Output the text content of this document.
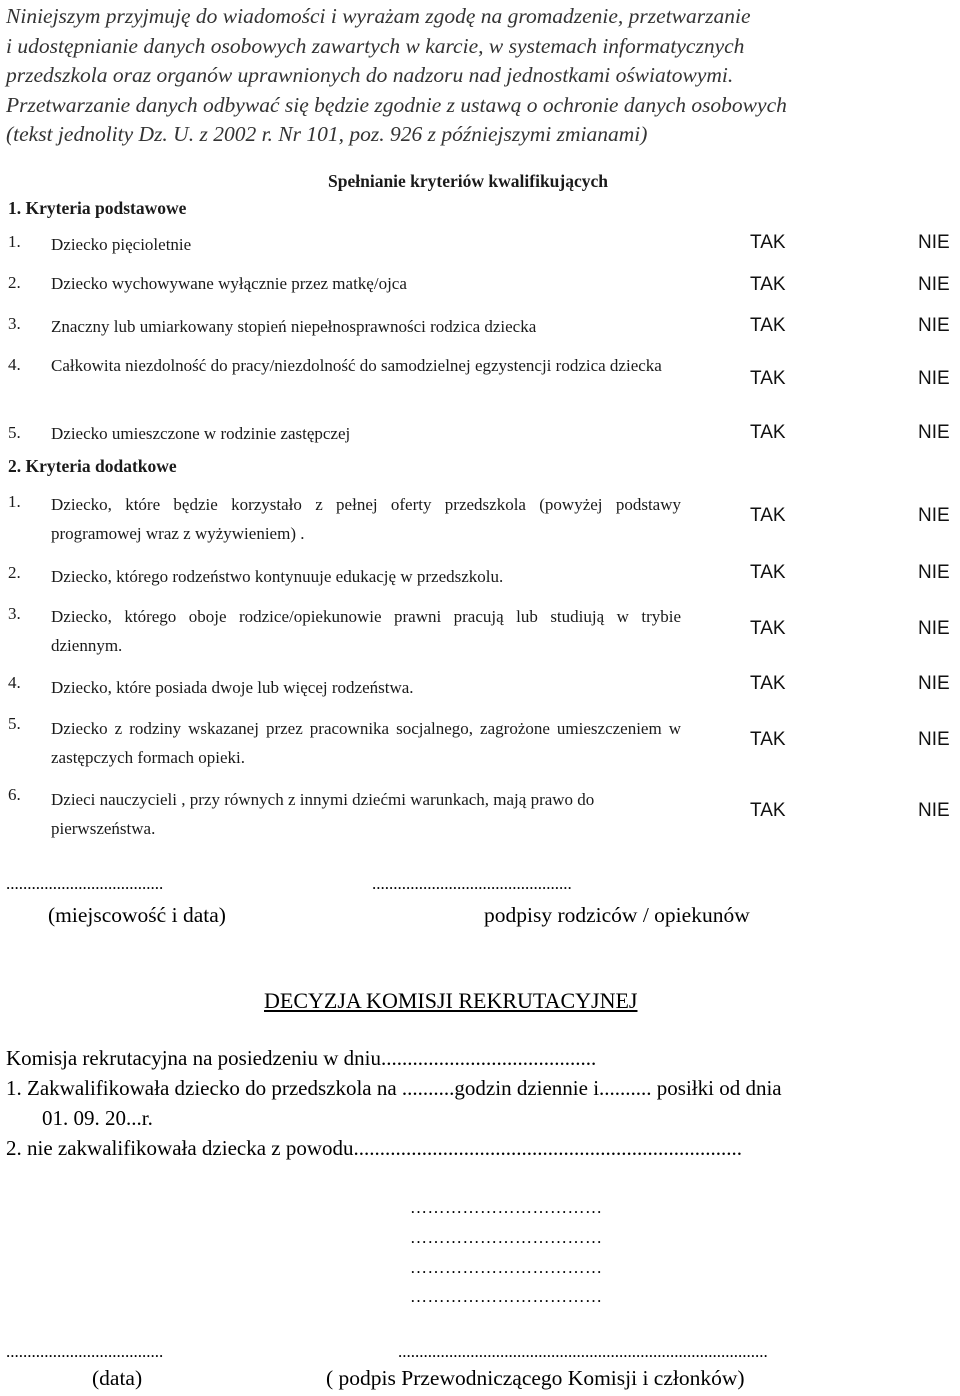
Niniejszym przyjmuję do wiadomości i wyrażam zgodę na gromadzenie, przetwarzanie
i udostępnianie danych osobowych zawartych w karcie, w systemach informatycznych
przedszkola oraz organów uprawnionych do nadzoru nad jednostkami oświatowymi.
Przetwarzanie danych odbywać się będzie zgodnie z ustawą o ochronie danych osobowych
(tekst jednolity Dz. U. z 2002 r. Nr 101, poz. 926 z późniejszymi zmianami)

Spełnianie kryteriów kwalifikujących
1. Kryteria podstawowe
1. Dziecko pięcioletnie	TAK	NIE
2. Dziecko wychowywane wyłącznie przez matkę/ojca	TAK	NIE
3. Znaczny lub umiarkowany stopień niepełnosprawności rodzica dziecka	TAK	NIE
4. Całkowita niezdolność do pracy/niezdolność do samodzielnej egzystencji rodzica dziecka
TAK	NIE
5. Dziecko umieszczone w rodzinie zastępczej	TAK	NIE
2. Kryteria dodatkowe
1. Dziecko, które będzie korzystało z pełnej oferty przedszkola (powyżej podstawy programowej wraz z wyżywieniem) .
TAK	NIE
2. Dziecko, którego rodzeństwo kontynuuje edukację w przedszkolu.	TAK	NIE
3. Dziecko, którego oboje rodzice/opiekunowie prawni pracują lub studiują w trybie dziennym.
TAK	NIE
4. Dziecko, które posiada dwoje lub więcej rodzeństwa.	TAK	NIE
5. Dziecko z rodziny wskazanej przez pracownika socjalnego, zagrożone umieszczeniem w zastępczych formach opieki.
TAK	NIE
6. Dzieci nauczycieli , przy równych z innymi dziećmi warunkach, mają prawo do pierwszeństwa.
TAK	NIE
.....................................	...............................................
(miejscowość i data)	podpisy rodziców / opiekunów
DECYZJA KOMISJI REKRUTACYJNEJ
Komisja rekrutacyjna na posiedzeniu w dniu.........................................
1. Zakwalifikowała dziecko do przedszkola na ..........godzin dziennie i.......... posiłki od dnia
01. 09. 20...r.
2. nie zakwalifikowała dziecka z powodu..........................................................................
……………………………
……………………………
……………………………
……………………………
.....................................	.......................................................................................
(data)	( podpis Przewodniczącego Komisji i członków)
